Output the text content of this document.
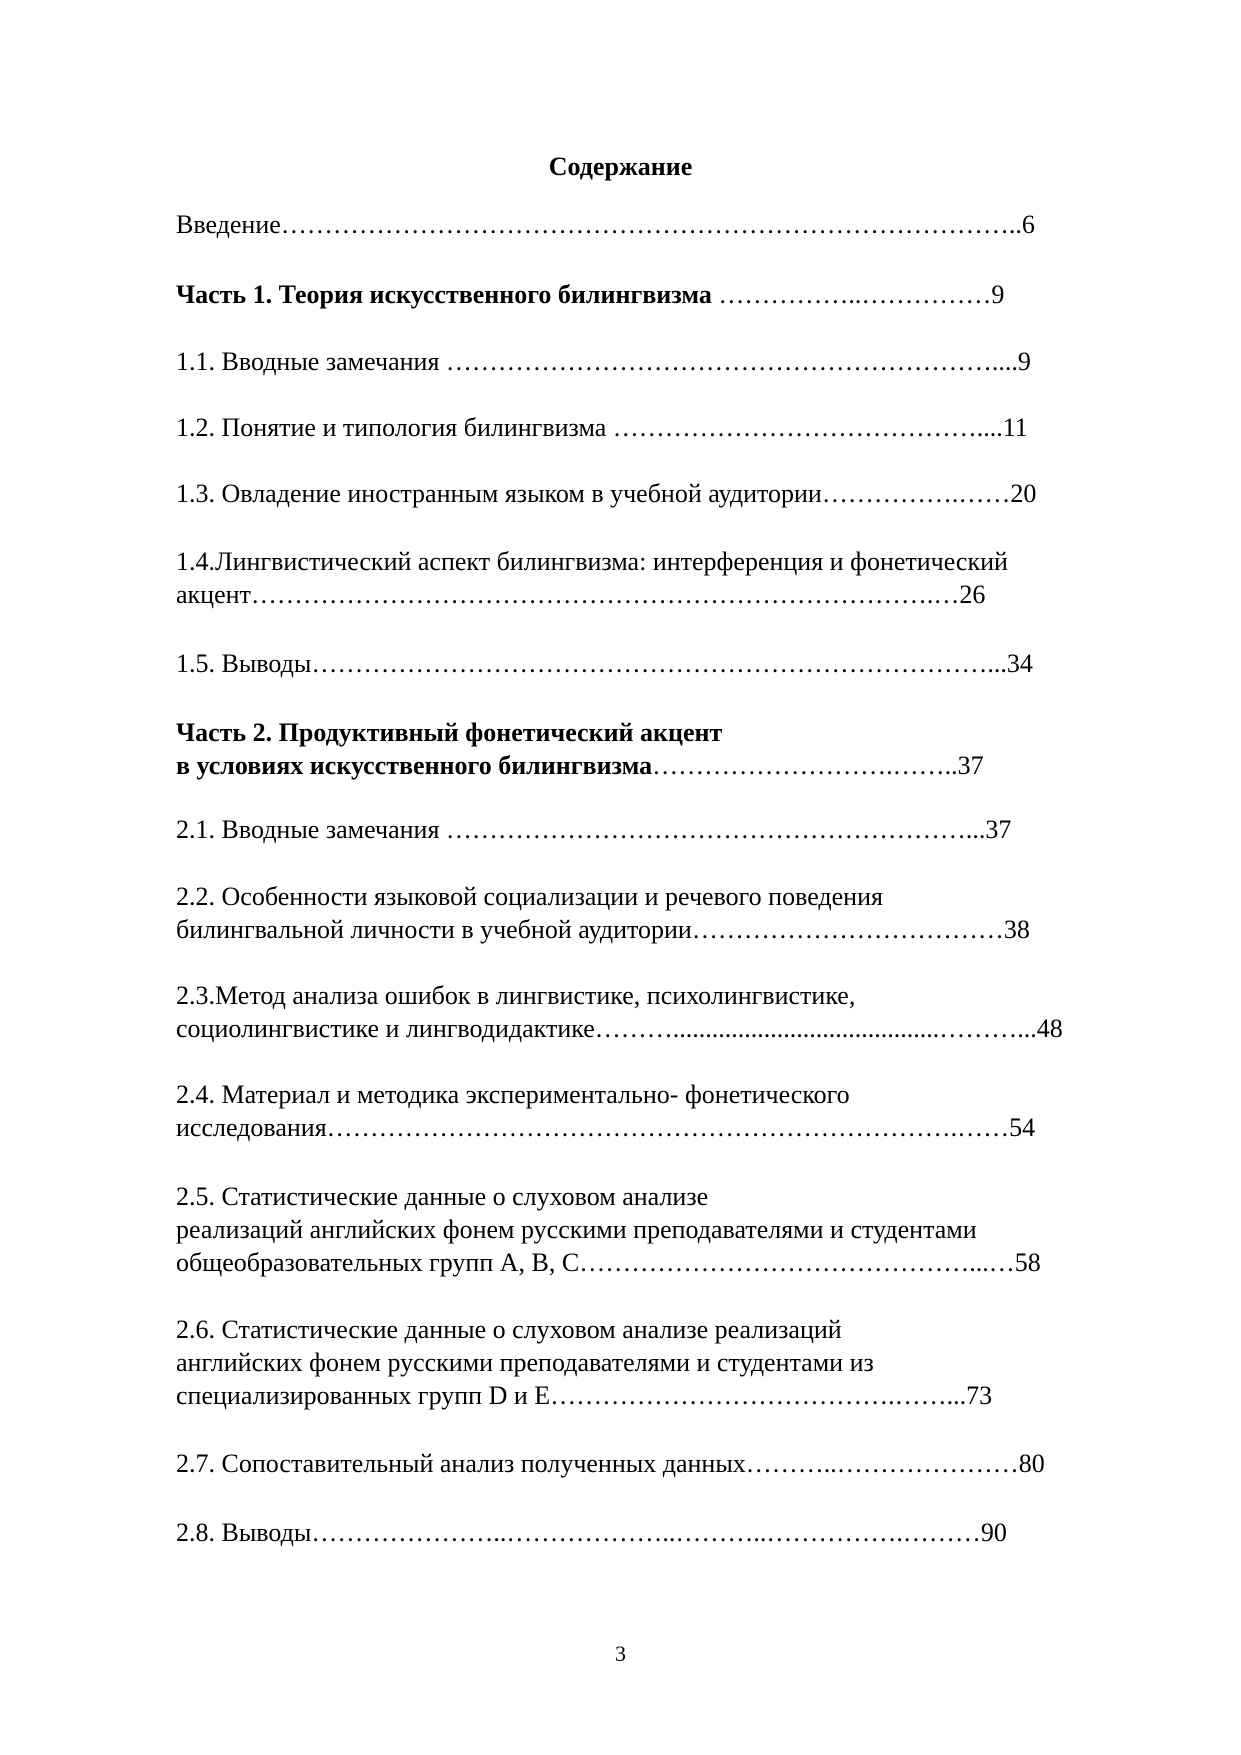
Содержание
Введение…………………………………………………………………………..6
Часть 1. Теория искусственного билингвизма ……………..……………9
1.1. Вводные замечания ………………………………………………………....9
1.2. Понятие и типология билингвизма ……………………………………....11
1.3. Овладение иностранным языком в учебной аудитории…………….……20
1.4.Лингвистический аспект билингвизма: интерференция и фонетический
акцент…………………………………………………………………….…26
1.5. Выводы……………………………………………………………………...34
Часть 2. Продуктивный фонетический акцент
в условиях искусственного билингвизма……………………….……..37
2.1. Вводные замечания ……………………………………………………...37
2.2. Особенности языковой социализации и речевого поведения
билингвальной личности в учебной аудитории………………………………38
2.3.Метод анализа ошибок в лингвистике, психолингвистике,
социолингвистике и лингводидактике……….........................................………...48
2.4. Материал и методика экспериментально- фонетического
исследования……………………………………………………………….……54
2.5. Статистические данные о слуховом анализе
реализаций английских фонем русскими преподавателями и студентами
общеобразовательных групп А, В, С………………………………………...…58
2.6. Статистические данные о слуховом анализе реализаций
английских фонем русскими преподавателями и студентами из
специализированных групп D и E………………………………….……...73
2.7. Сопоставительный анализ полученных данных………..…………………80
2.8. Выводы…………………..………………..………..…………….………90
3
